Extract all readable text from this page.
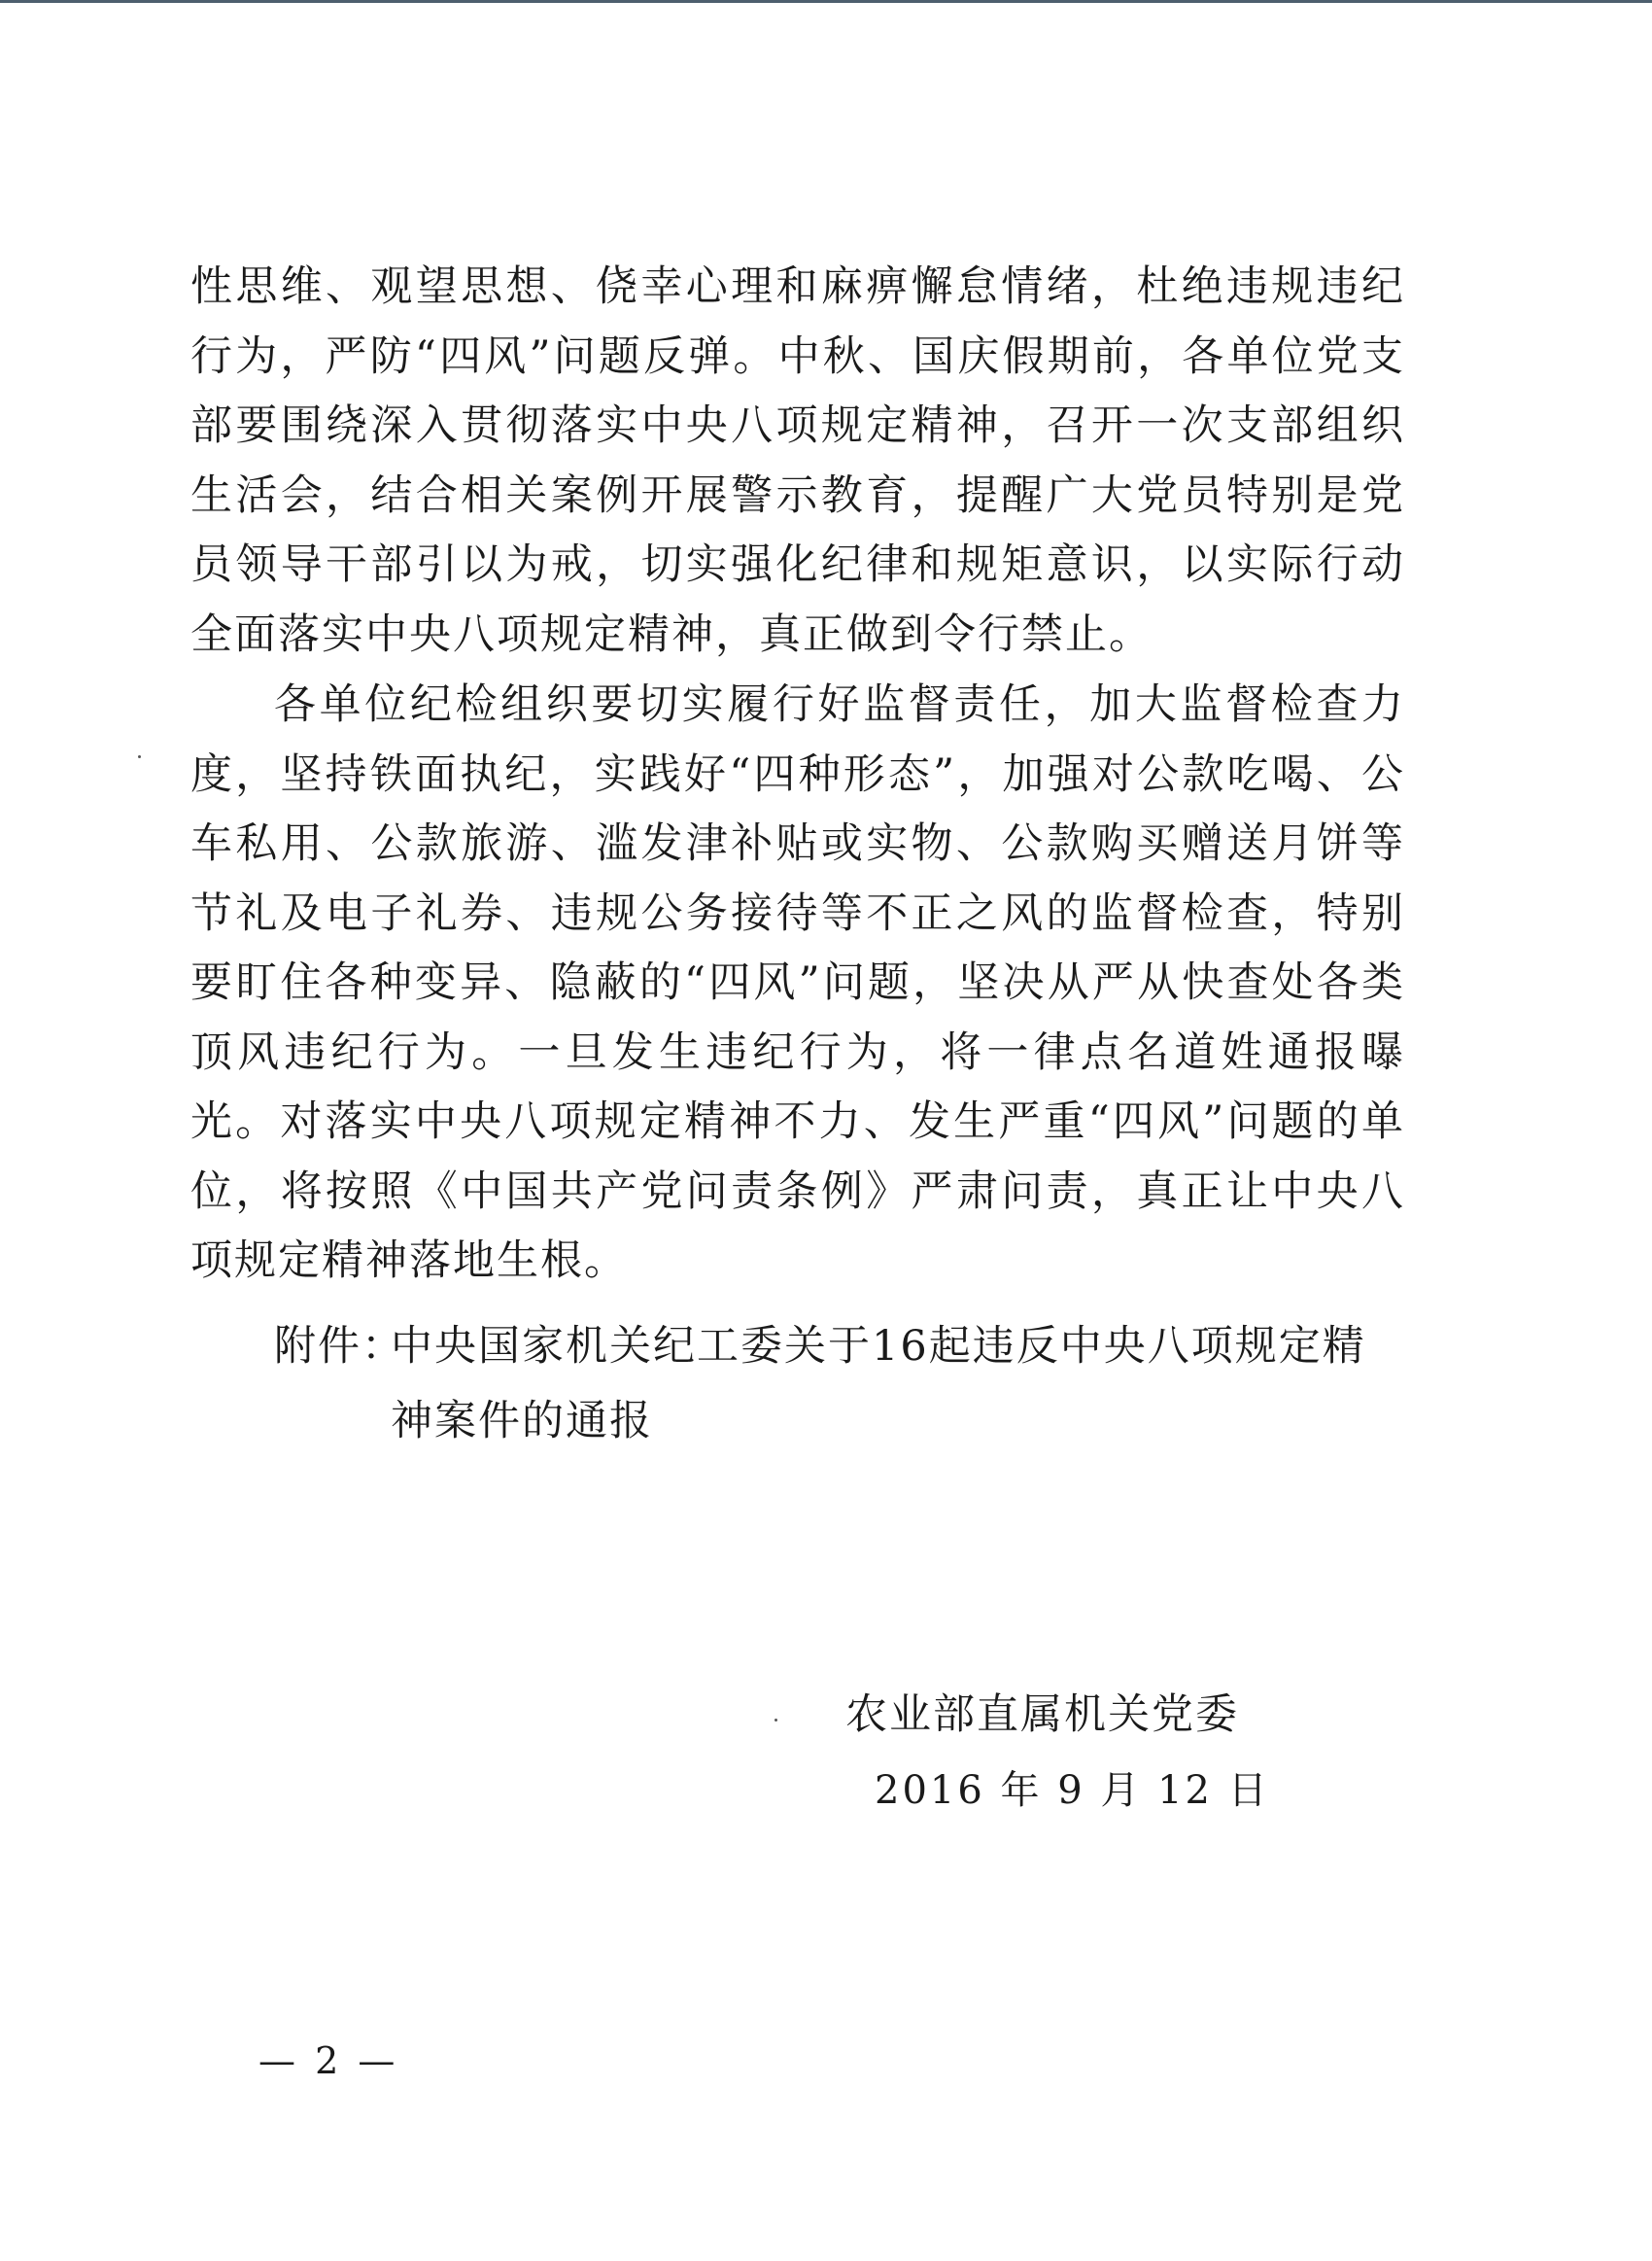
性思维、观望思想、侥幸心理和麻痹懈怠情绪，杜绝违规违纪行为，严防“四风”问题反弹。中秋、国庆假期前，各单位党支部要围绕深入贯彻落实中央八项规定精神，召开一次支部组织生活会，结合相关案例开展警示教育，提醒广大党员特别是党员领导干部引以为戒，切实强化纪律和规矩意识，以实际行动全面落实中央八项规定精神，真正做到令行禁止。

各单位纪检组织要切实履行好监督责任，加大监督检查力度，坚持铁面执纪，实践好“四种形态”，加强对公款吃喝、公车私用、公款旅游、滥发津补贴或实物、公款购买赠送月饼等节礼及电子礼券、违规公务接待等不正之风的监督检查，特别要盯住各种变异、隐蔽的“四风”问题，坚决从严从快查处各类顶风违纪行为。一旦发生违纪行为，将一律点名道姓通报曝光。对落实中央八项规定精神不力、发生严重“四风”问题的单位，将按照《中国共产党问责条例》严肃问责，真正让中央八项规定精神落地生根。

附件：
中央国家机关纪工委关于16起违反中央八项规定精神案件的通报
农业部直属机关党委
2016 年 9 月 12 日
— 2 —
